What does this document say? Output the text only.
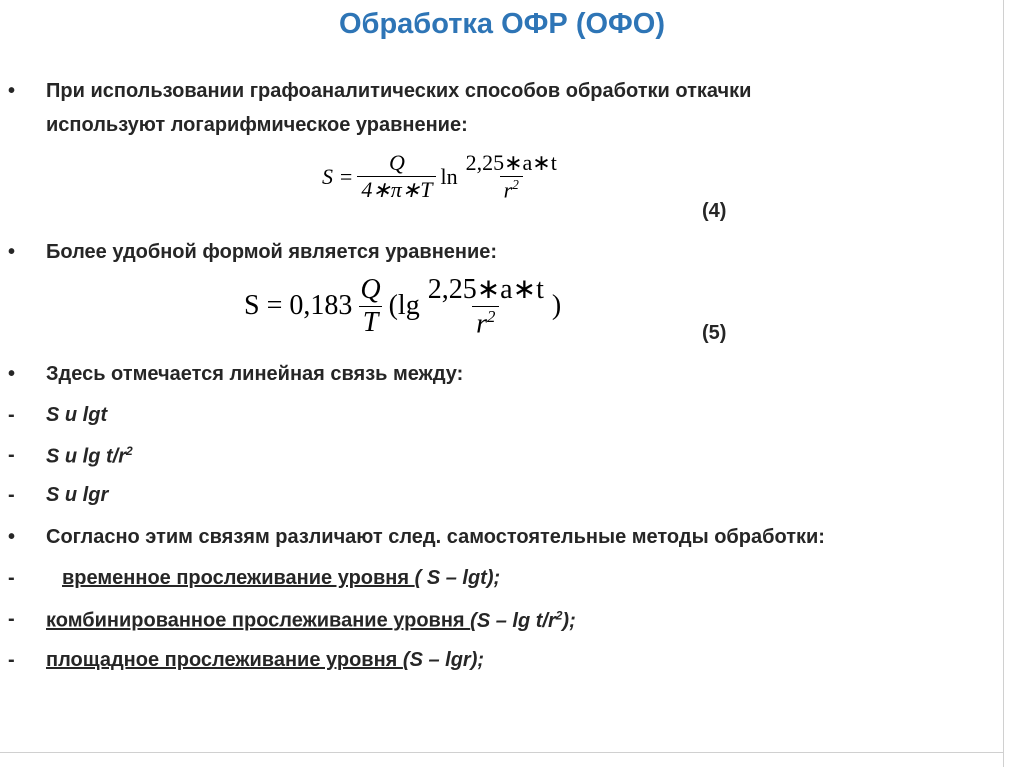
Обработка ОФР (ОФО)
• При использовании графоаналитических способов обработки откачки
используют логарифмическое уравнение:
$S = \frac{Q}{4∗\pi∗T}$ $\ln \frac{2,25∗a∗t}{r^2}$
(4)
• Более удобной формой является уравнение:
$S = 0,183 \frac{Q}{T} (\lg \frac{2,25∗a∗t}{r^2}$ )
(5)
• Здесь отмечается линейная связь между:
- S и lgt
- S и $\lg t/r^2$
- S и lgr
• Согласно этим связям различают след. самостоятельные методы обработки:
- временное прослеживание уровня ( S – lgt);
- комбинированное прослеживание уровня $(S - \lg t/r^2)$;
- площадное прослеживание уровня (S – lgr);
